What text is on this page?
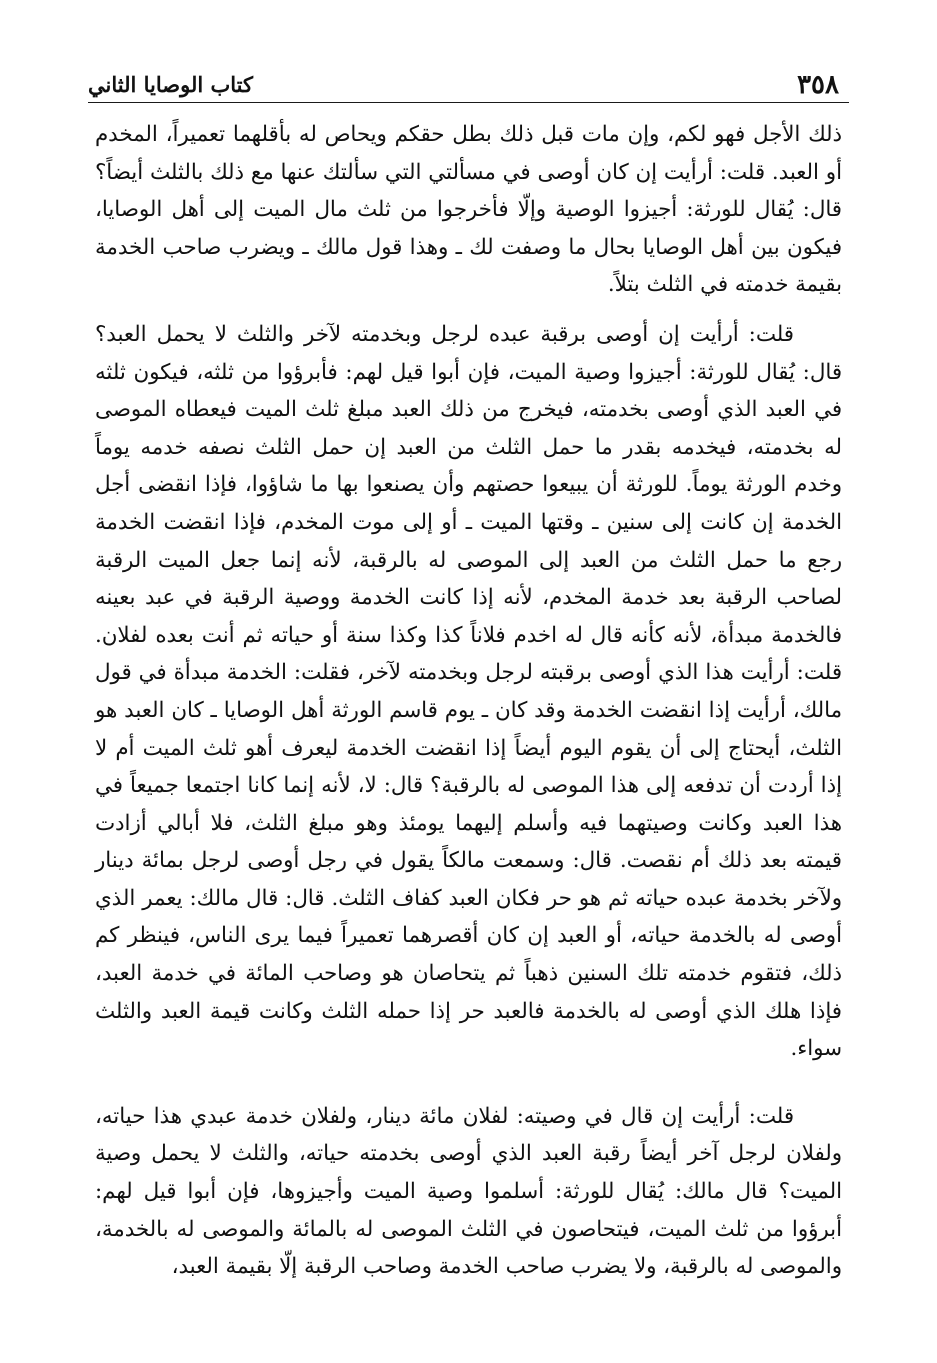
٣٥٨
كتاب الوصايا الثاني

ذلك الأجل فهو لكم، وإن مات قبل ذلك بطل حقكم ويحاص له بأقلهما تعميراً، المخدم أو العبد. قلت: أرأيت إن كان أوصى في مسألتي التي سألتك عنها مع ذلك بالثلث أيضاً؟ قال: يُقال للورثة: أجيزوا الوصية وإلّا فأخرجوا من ثلث مال الميت إلى أهل الوصايا، فيكون بين أهل الوصايا بحال ما وصفت لك ـ وهذا قول مالك ـ ويضرب صاحب الخدمة بقيمة خدمته في الثلث بتلاً.

قلت: أرأيت إن أوصى برقبة عبده لرجل وبخدمته لآخر والثلث لا يحمل العبد؟ قال: يُقال للورثة: أجيزوا وصية الميت، فإن أبوا قيل لهم: فأبرؤوا من ثلثه، فيكون ثلثه في العبد الذي أوصى بخدمته، فيخرج من ذلك العبد مبلغ ثلث الميت فيعطاه الموصى له بخدمته، فيخدمه بقدر ما حمل الثلث من العبد إن حمل الثلث نصفه خدمه يوماً وخدم الورثة يوماً. للورثة أن يبيعوا حصتهم وأن يصنعوا بها ما شاؤوا، فإذا انقضى أجل الخدمة إن كانت إلى سنين ـ وقتها الميت ـ أو إلى موت المخدم، فإذا انقضت الخدمة رجع ما حمل الثلث من العبد إلى الموصى له بالرقبة، لأنه إنما جعل الميت الرقبة لصاحب الرقبة بعد خدمة المخدم، لأنه إذا كانت الخدمة ووصية الرقبة في عبد بعينه فالخدمة مبدأة، لأنه كأنه قال له اخدم فلاناً كذا وكذا سنة أو حياته ثم أنت بعده لفلان. قلت: أرأيت هذا الذي أوصى برقبته لرجل وبخدمته لآخر، فقلت: الخدمة مبدأة في قول مالك، أرأيت إذا انقضت الخدمة وقد كان ـ يوم قاسم الورثة أهل الوصايا ـ كان العبد هو الثلث، أيحتاج إلى أن يقوم اليوم أيضاً إذا انقضت الخدمة ليعرف أهو ثلث الميت أم لا إذا أردت أن تدفعه إلى هذا الموصى له بالرقبة؟ قال: لا، لأنه إنما كانا اجتمعا جميعاً في هذا العبد وكانت وصيتهما فيه وأسلم إليهما يومئذ وهو مبلغ الثلث، فلا أبالي أزادت قيمته بعد ذلك أم نقصت. قال: وسمعت مالكاً يقول في رجل أوصى لرجل بمائة دينار ولآخر بخدمة عبده حياته ثم هو حر فكان العبد كفاف الثلث. قال: قال مالك: يعمر الذي أوصى له بالخدمة حياته، أو العبد إن كان أقصرهما تعميراً فيما يرى الناس، فينظر كم ذلك، فتقوم خدمته تلك السنين ذهباً ثم يتحاصان هو وصاحب المائة في خدمة العبد، فإذا هلك الذي أوصى له بالخدمة فالعبد حر إذا حمله الثلث وكانت قيمة العبد والثلث سواء.

قلت: أرأيت إن قال في وصيته: لفلان مائة دينار، ولفلان خدمة عبدي هذا حياته، ولفلان لرجل آخر أيضاً رقبة العبد الذي أوصى بخدمته حياته، والثلث لا يحمل وصية الميت؟ قال مالك: يُقال للورثة: أسلموا وصية الميت وأجيزوها، فإن أبوا قيل لهم: أبرؤوا من ثلث الميت، فيتحاصون في الثلث الموصى له بالمائة والموصى له بالخدمة، والموصى له بالرقبة، ولا يضرب صاحب الخدمة وصاحب الرقبة إلّا بقيمة العبد،
